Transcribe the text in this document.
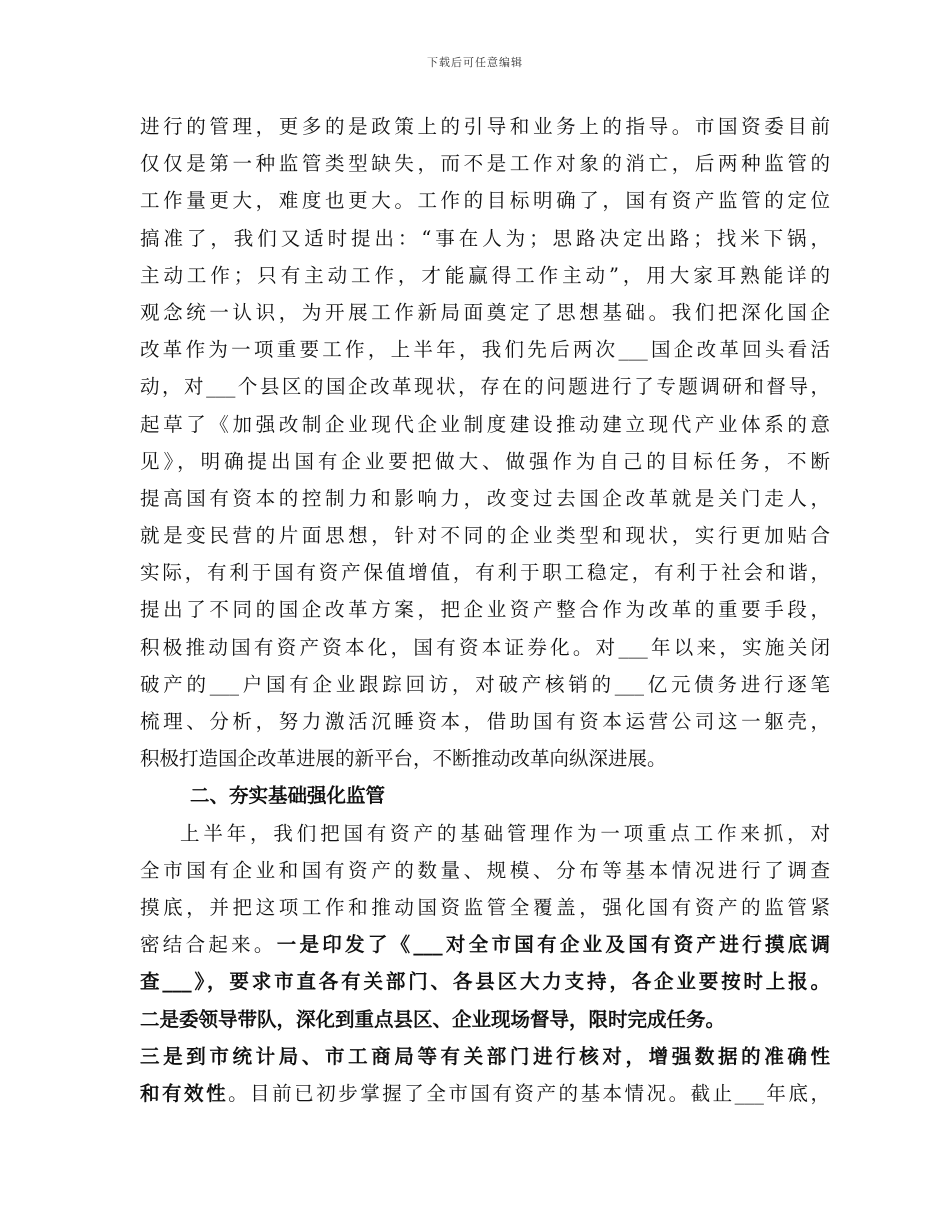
下载后可任意编辑
进行的管理，更多的是政策上的引导和业务上的指导。市国资委目前
仅仅是第一种监管类型缺失，而不是工作对象的消亡，后两种监管的
工作量更大，难度也更大。工作的目标明确了，国有资产监管的定位
搞准了，我们又适时提出：“事在人为；思路决定出路；找米下锅，
主动工作；只有主动工作，才能赢得工作主动”，用大家耳熟能详的
观念统一认识，为开展工作新局面奠定了思想基础。我们把深化国企
改革作为一项重要工作，上半年，我们先后两次___国企改革回头看活
动，对___个县区的国企改革现状，存在的问题进行了专题调研和督导，
起草了《加强改制企业现代企业制度建设推动建立现代产业体系的意
见》，明确提出国有企业要把做大、做强作为自己的目标任务，不断
提高国有资本的控制力和影响力，改变过去国企改革就是关门走人，
就是变民营的片面思想，针对不同的企业类型和现状，实行更加贴合
实际，有利于国有资产保值增值，有利于职工稳定，有利于社会和谐，
提出了不同的国企改革方案，把企业资产整合作为改革的重要手段，
积极推动国有资产资本化，国有资本证券化。对___年以来，实施关闭
破产的___户国有企业跟踪回访，对破产核销的___亿元债务进行逐笔
梳理、分析，努力激活沉睡资本，借助国有资本运营公司这一躯壳，
积极打造国企改革进展的新平台，不断推动改革向纵深进展。
二、夯实基础强化监管
上半年，我们把国有资产的基础管理作为一项重点工作来抓，对
全市国有企业和国有资产的数量、规模、分布等基本情况进行了调查
摸底，并把这项工作和推动国资监管全覆盖，强化国有资产的监管紧
密结合起来。一是印发了《___对全市国有企业及国有资产进行摸底调
查___》，要求市直各有关部门、各县区大力支持，各企业要按时上报。
二是委领导带队，深化到重点县区、企业现场督导，限时完成任务。
三是到市统计局、市工商局等有关部门进行核对，增强数据的准确性
和有效性。目前已初步掌握了全市国有资产的基本情况。截止___年底，
